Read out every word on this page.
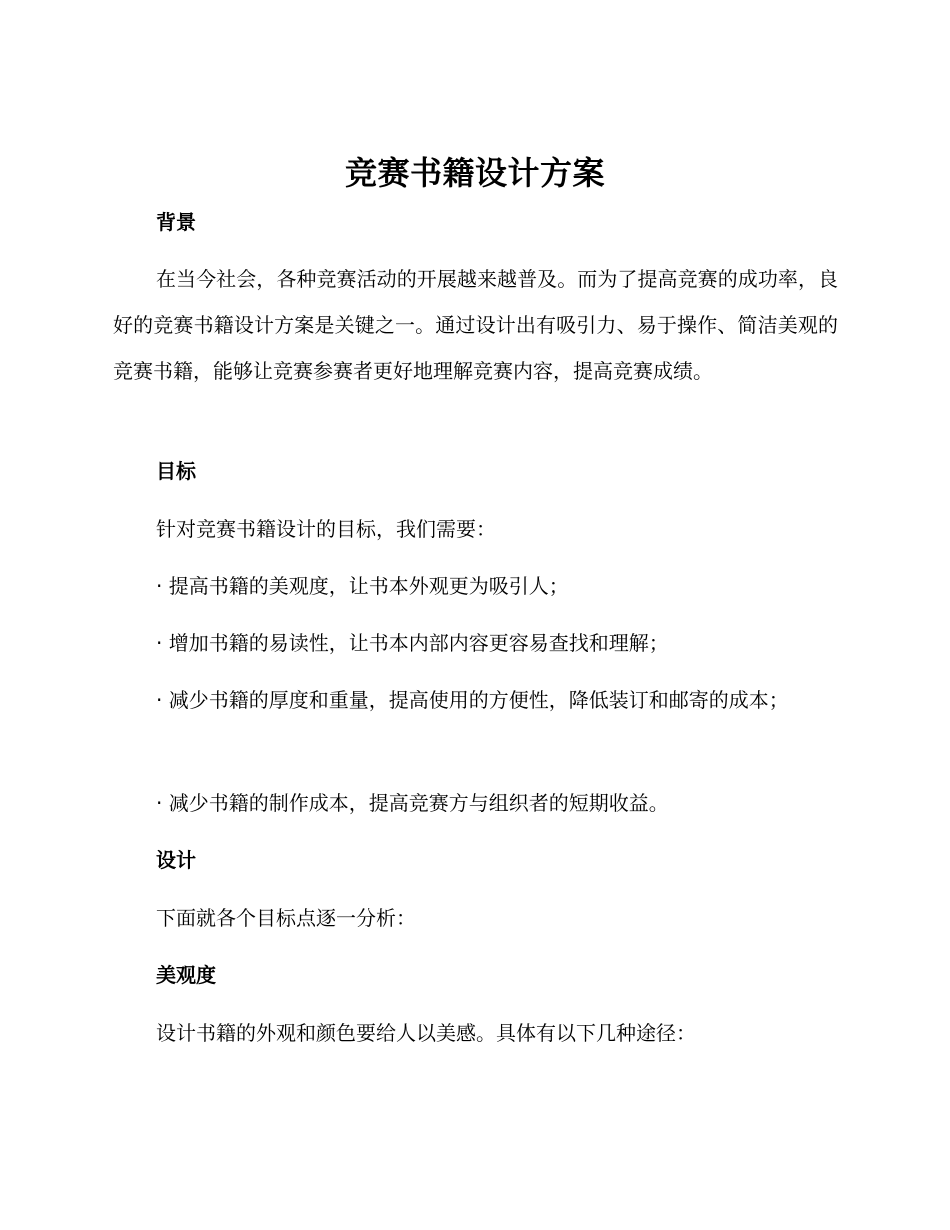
竞赛书籍设计方案
背景
在当今社会，各种竞赛活动的开展越来越普及。而为了提高竞赛的成功率，良好的竞赛书籍设计方案是关键之一。通过设计出有吸引力、易于操作、简洁美观的竞赛书籍，能够让竞赛参赛者更好地理解竞赛内容，提高竞赛成绩。
目标
针对竞赛书籍设计的目标，我们需要：
· 提高书籍的美观度，让书本外观更为吸引人；
· 增加书籍的易读性，让书本内部内容更容易查找和理解；
· 减少书籍的厚度和重量，提高使用的方便性，降低装订和邮寄的成本；
· 减少书籍的制作成本，提高竞赛方与组织者的短期收益。
设计
下面就各个目标点逐一分析：
美观度
设计书籍的外观和颜色要给人以美感。具体有以下几种途径：
